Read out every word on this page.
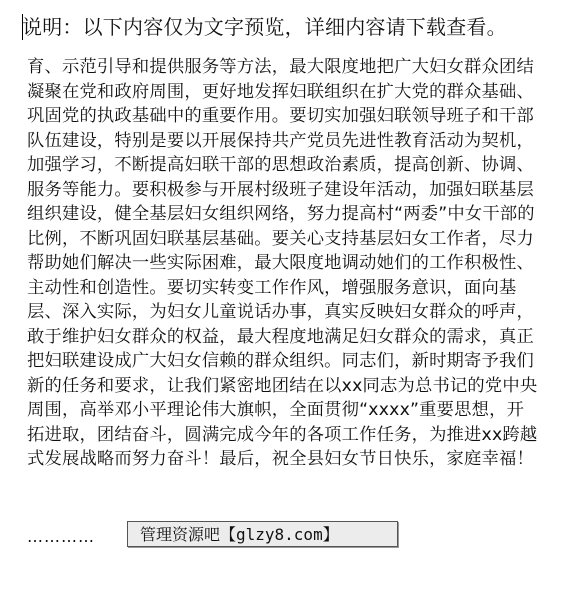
说明：以下内容仅为文字预览，详细内容请下载查看。
育、示范引导和提供服务等方法，最大限度地把广大妇女群众团结凝聚在党和政府周围，更好地发挥妇联组织在扩大党的群众基础、巩固党的执政基础中的重要作用。要切实加强妇联领导班子和干部队伍建设，特别是要以开展保持共产党员先进性教育活动为契机，加强学习，不断提高妇联干部的思想政治素质，提高创新、协调、服务等能力。要积极参与开展村级班子建设年活动，加强妇联基层组织建设，健全基层妇女组织网络，努力提高村“两委”中女干部的比例，不断巩固妇联基层基础。要关心支持基层妇女工作者，尽力帮助她们解决一些实际困难，最大限度地调动她们的工作积极性、主动性和创造性。要切实转变工作作风，增强服务意识，面向基层、深入实际，为妇女儿童说话办事，真实反映妇女群众的呼声，敢于维护妇女群众的权益，最大程度地满足妇女群众的需求，真正把妇联建设成广大妇女信赖的群众组织。同志们，新时期寄予我们新的任务和要求，让我们紧密地团结在以xx同志为总书记的党中央周围，高举邓小平理论伟大旗帜，全面贯彻“xxxx”重要思想，开拓进取，团结奋斗，圆满完成今年的各项工作任务，为推进xx跨越式发展战略而努力奋斗！最后，祝全县妇女节日快乐，家庭幸福！
…………	管理资源吧【glzy8.com】
